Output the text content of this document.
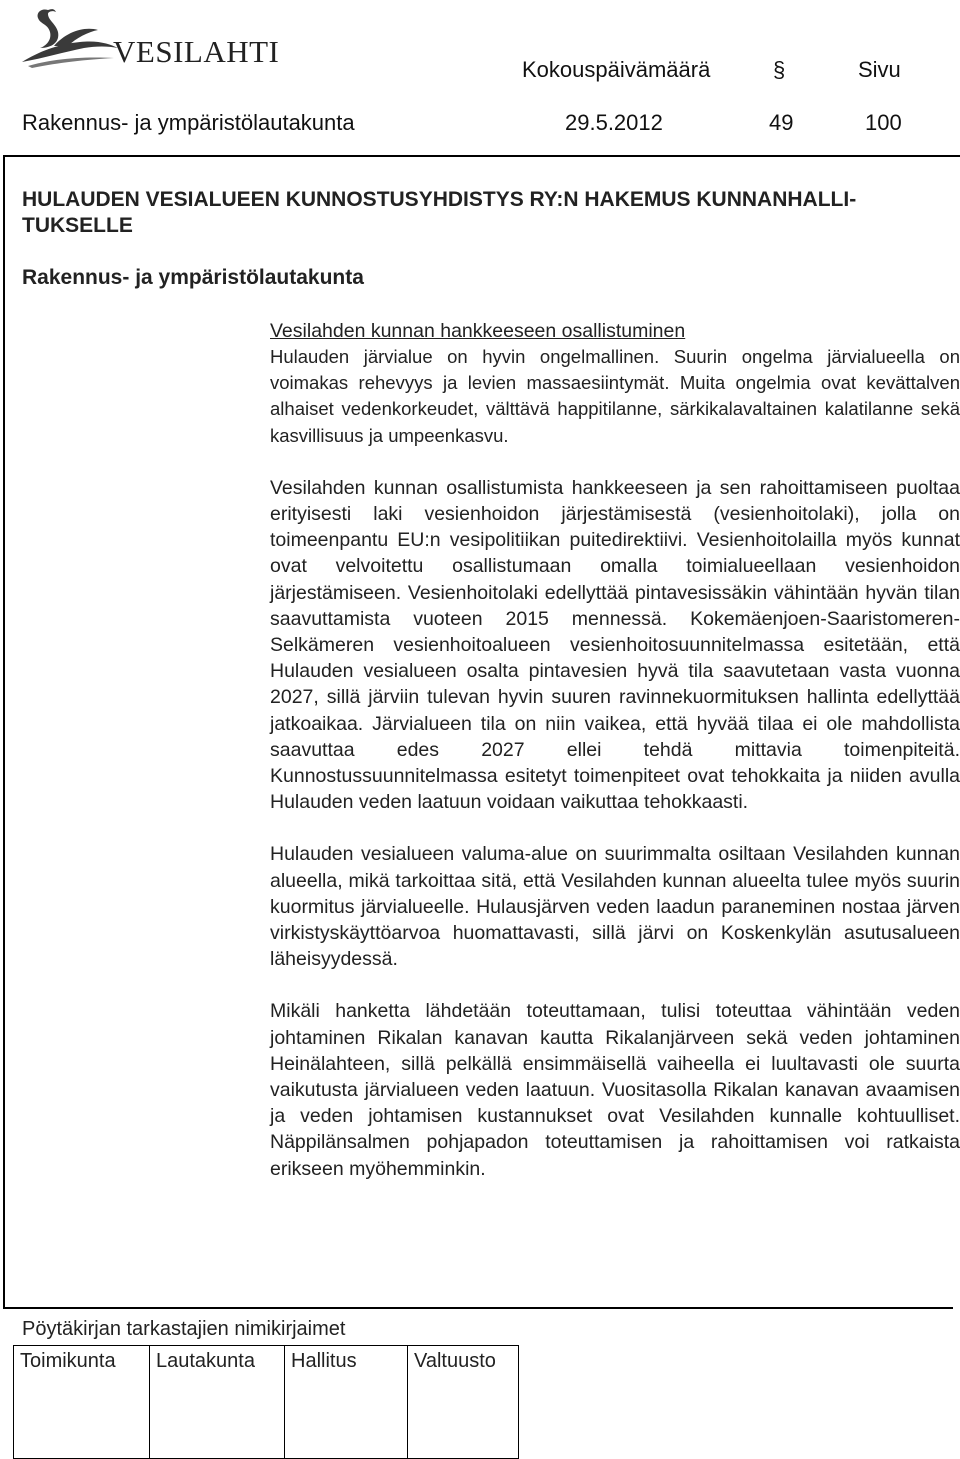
VESILAHTI
Kokouspäivämäärä	§	Sivu
Rakennus- ja ympäristölautakunta	29.5.2012	49	100
HULAUDEN VESIALUEEN KUNNOSTUSYHDISTYS RY:N HAKEMUS KUNNANHALLI-TUKSELLE
Rakennus- ja ympäristölautakunta
Vesilahden kunnan hankkeeseen osallistuminen

Hulauden järvialue on hyvin ongelmallinen. Suurin ongelma järvialueella on voimakas rehevyys ja levien massaesiintymät. Muita ongelmia ovat kevättalven alhaiset vedenkorkeudet, välttävä happitilanne, särkikalavaltainen kalatilanne sekä kasvillisuus ja umpeenkasvu.

Vesilahden kunnan osallistumista hankkeeseen ja sen rahoittamiseen puoltaa erityisesti laki vesienhoidon järjestämisestä (vesienhoitolaki), jolla on toimeenpantu EU:n vesipolitiikan puitedirektiivi. Vesienhoitolailla myös kunnat ovat velvoitettu osallistumaan omalla toimialueellaan vesienhoidon järjestämiseen. Vesienhoitolaki edellyttää pintavesissäkin vähintään hyvän tilan saavuttamista vuoteen 2015 mennessä. Kokemäenjoen-Saaristomeren-Selkämeren vesienhoitoalueen vesienhoitosuunnitelmassa esitetään, että Hulauden vesialueen osalta pintavesien hyvä tila saavutetaan vasta vuonna 2027, sillä järviin tulevan hyvin suuren ravinnekuormituksen hallinta edellyttää jatkoaikaa. Järvialueen tila on niin vaikea, että hyvää tilaa ei ole mahdollista saavuttaa edes 2027 ellei tehdä mittavia toimenpiteitä. Kunnostussuunnitelmassa esitetyt toimenpiteet ovat tehokkaita ja niiden avulla Hulauden veden laatuun voidaan vaikuttaa tehokkaasti.

Hulauden vesialueen valuma-alue on suurimmalta osiltaan Vesilahden kunnan alueella, mikä tarkoittaa sitä, että Vesilahden kunnan alueelta tulee myös suurin kuormitus järvialueelle. Hulausjärven veden laadun paraneminen nostaa järven virkistyskäyttöarvoa huomattavasti, sillä järvi on Koskenkylän asutusalueen läheisyydessä.

Mikäli hanketta lähdetään toteuttamaan, tulisi toteuttaa vähintään veden johtaminen Rikalan kanavan kautta Rikalanjärveen sekä veden johtaminen Heinälahteen, sillä pelkällä ensimmäisellä vaiheella ei luultavasti ole suurta vaikutusta järvialueen veden laatuun. Vuositasolla Rikalan kanavan avaamisen ja veden johtamisen kustannukset ovat Vesilahden kunnalle kohtuulliset. Näppilänsalmen pohjapadon toteuttamisen ja rahoittamisen voi ratkaista erikseen myöhemminkin.

Pöytäkirjan tarkastajien nimikirjaimet
Toimikunta	Lautakunta	Hallitus	Valtuusto
